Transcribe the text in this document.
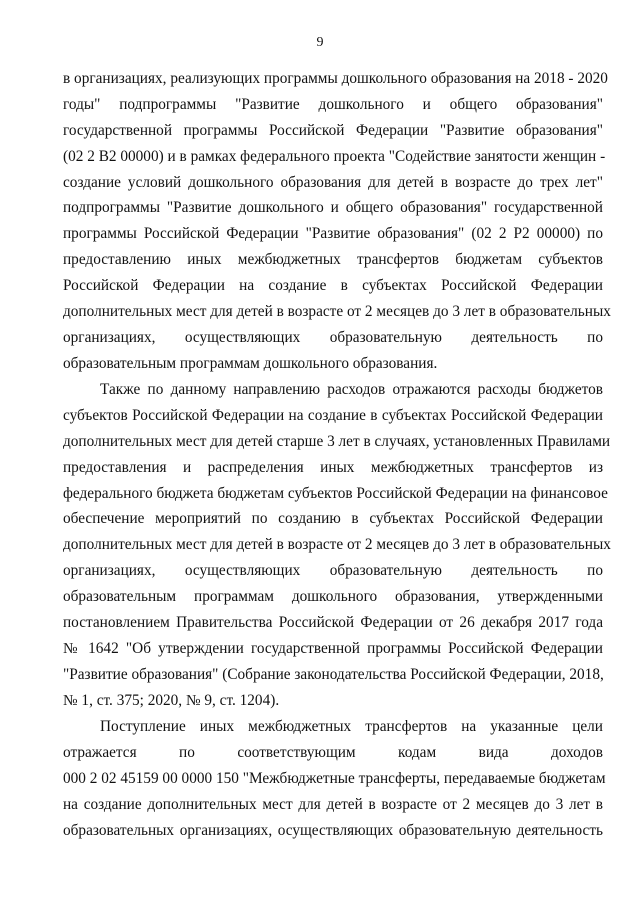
9
в организациях, реализующих программы дошкольного образования на 2018 - 2020
годы" подпрограммы "Развитие дошкольного и общего образования"
государственной программы Российской Федерации "Развитие образования"
(02 2 В2 00000) и в рамках федерального проекта "Содействие занятости женщин -
создание условий дошкольного образования для детей в возрасте до трех лет"
подпрограммы "Развитие дошкольного и общего образования" государственной
программы Российской Федерации "Развитие образования" (02 2 Р2 00000) по
предоставлению иных межбюджетных трансфертов бюджетам субъектов
Российской Федерации на создание в субъектах Российской Федерации
дополнительных мест для детей в возрасте от 2 месяцев до 3 лет в образовательных
организациях, осуществляющих образовательную деятельность по
образовательным программам дошкольного образования.
Также по данному направлению расходов отражаются расходы бюджетов
субъектов Российской Федерации на создание в субъектах Российской Федерации
дополнительных мест для детей старше 3 лет в случаях, установленных Правилами
предоставления и распределения иных межбюджетных трансфертов из
федерального бюджета бюджетам субъектов Российской Федерации на финансовое
обеспечение мероприятий по созданию в субъектах Российской Федерации
дополнительных мест для детей в возрасте от 2 месяцев до 3 лет в образовательных
организациях, осуществляющих образовательную деятельность по
образовательным программам дошкольного образования, утвержденными
постановлением Правительства Российской Федерации от 26 декабря 2017 года
№ 1642 "Об утверждении государственной программы Российской Федерации
"Развитие образования" (Собрание законодательства Российской Федерации, 2018,
№ 1, ст. 375; 2020, № 9, ст. 1204).
Поступление иных межбюджетных трансфертов на указанные цели
отражается по соответствующим кодам вида доходов
000 2 02 45159 00 0000 150 "Межбюджетные трансферты, передаваемые бюджетам
на создание дополнительных мест для детей в возрасте от 2 месяцев до 3 лет в
образовательных организациях, осуществляющих образовательную деятельность
